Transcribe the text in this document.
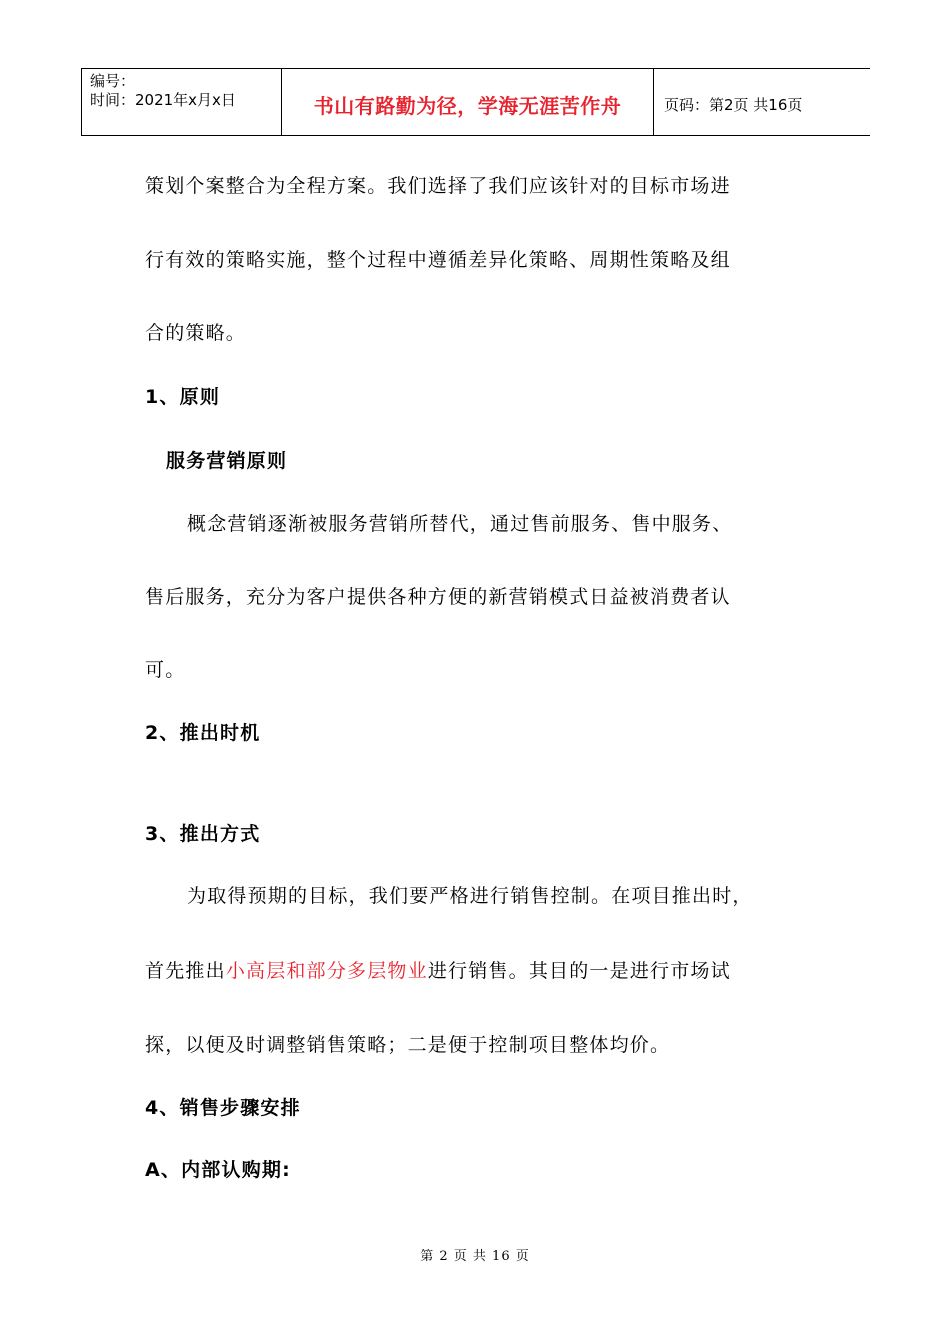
编号：
时间：2021年x月x日	书山有路勤为径，学海无涯苦作舟	页码：第2页 共16页
策划个案整合为全程方案。我们选择了我们应该针对的目标市场进
行有效的策略实施，整个过程中遵循差异化策略、周期性策略及组
合的策略。
1、原则
服务营销原则
概念营销逐渐被服务营销所替代，通过售前服务、售中服务、
售后服务，充分为客户提供各种方便的新营销模式日益被消费者认
可。
2、推出时机
3、推出方式
为取得预期的目标，我们要严格进行销售控制。在项目推出时，
首先推出小高层和部分多层物业进行销售。其目的一是进行市场试
探，以便及时调整销售策略；二是便于控制项目整体均价。
4、销售步骤安排
A、内部认购期:
第 2 页 共 16 页
